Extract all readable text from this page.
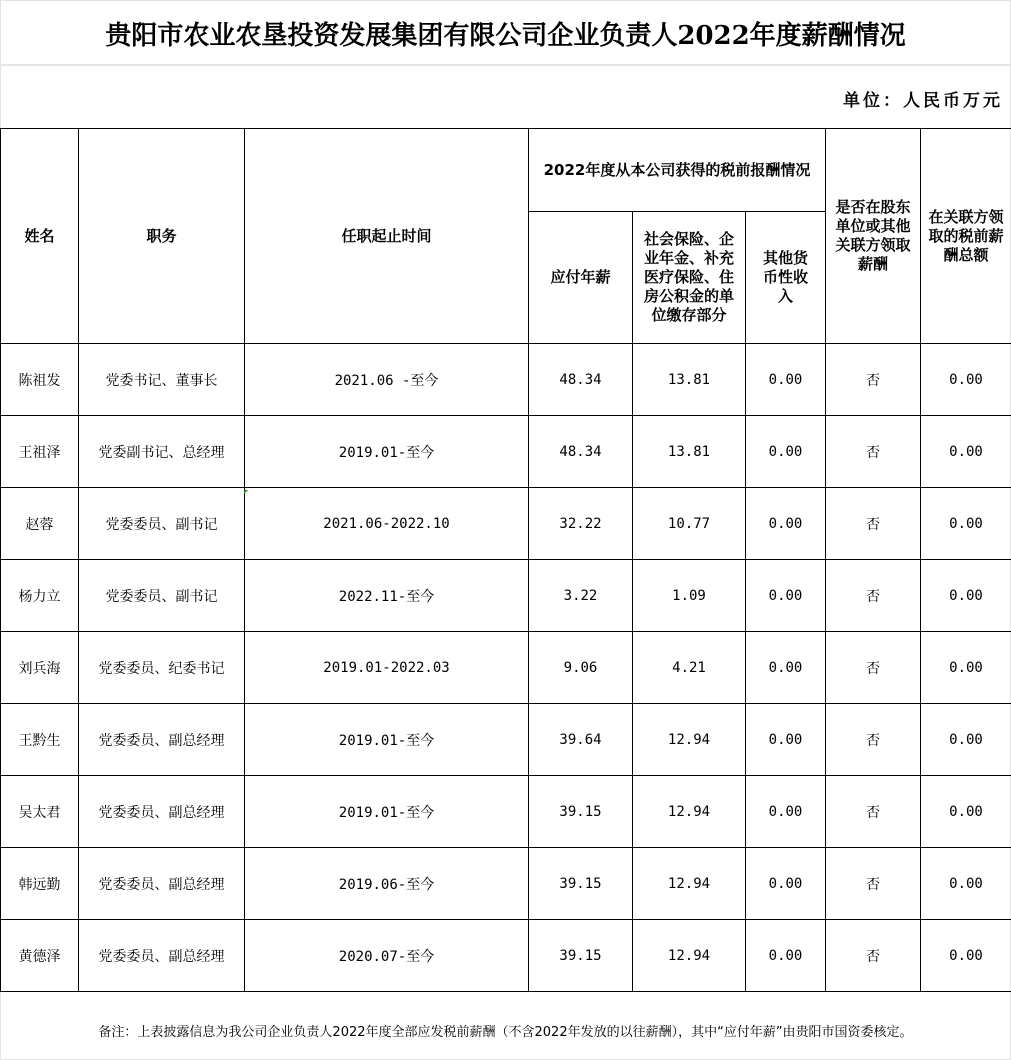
贵阳市农业农垦投资发展集团有限公司企业负责人2022年度薪酬情况
单位：人民币万元
姓名	职务	任职起止时间	2022年度从本公司获得的税前报酬情况			是否在股东单位或其他关联方领取薪酬	在关联方领取的税前薪酬总额

			应付年薪	社会保险、企业年金、补充医疗保险、住房公积金的单位缴存部分	其他货币性收入		

陈祖发	党委书记、董事长	2021.06 -至今	48.34	13.81	0.00	否	0.00
王祖泽	党委副书记、总经理	2019.01-至今	48.34	13.81	0.00	否	0.00
赵蓉	党委委员、副书记	2021.06-2022.10	32.22	10.77	0.00	否	0.00
杨力立	党委委员、副书记	2022.11-至今	3.22	1.09	0.00	否	0.00
刘兵海	党委委员、纪委书记	2019.01-2022.03	9.06	4.21	0.00	否	0.00
王黔生	党委委员、副总经理	2019.01-至今	39.64	12.94	0.00	否	0.00
吴太君	党委委员、副总经理	2019.01-至今	39.15	12.94	0.00	否	0.00
韩远勤	党委委员、副总经理	2019.06-至今	39.15	12.94	0.00	否	0.00
黄德泽	党委委员、副总经理	2020.07-至今	39.15	12.94	0.00	否	0.00
备注：上表披露信息为我公司企业负责人2022年度全部应发税前薪酬（不含2022年发放的以往薪酬），其中“应付年薪”由贵阳市国资委核定。
